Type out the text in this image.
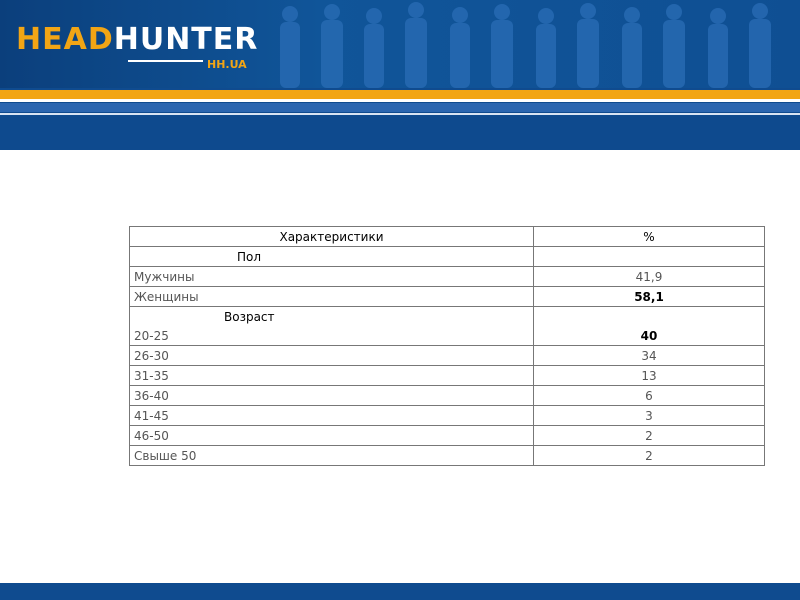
HEADHUNTER
HH.UA
Характеристики	%
Пол	
Мужчины	41,9
Женщины	58,1
Возраст	
20-25	40
26-30	34
31-35	13
36-40	6
41-45	3
46-50	2
Свыше 50	2
